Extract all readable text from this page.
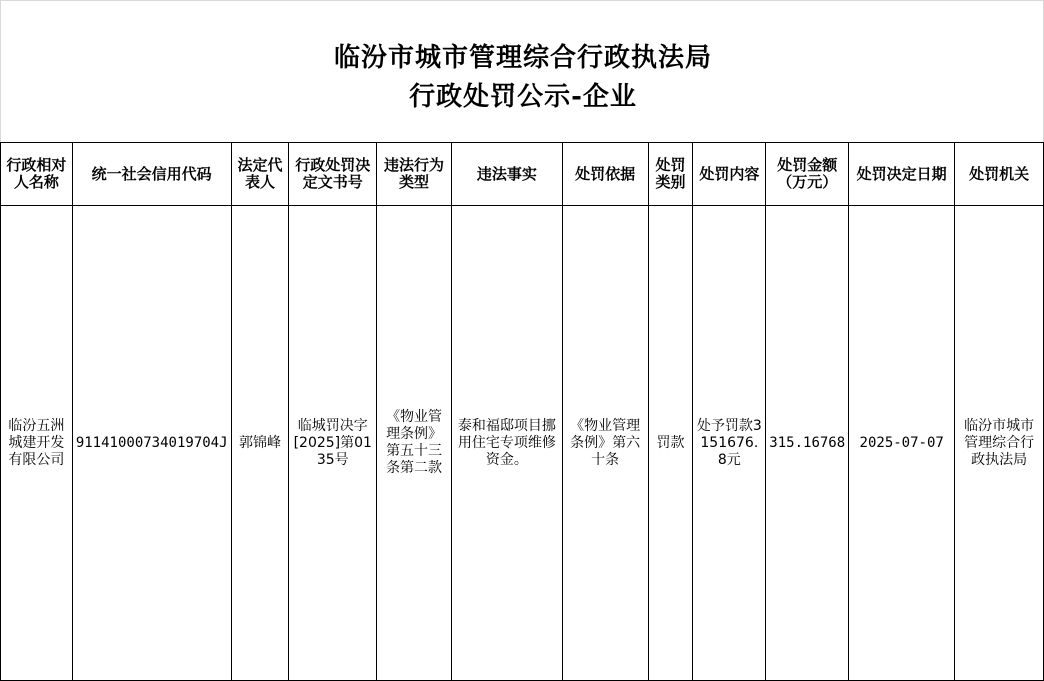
临汾市城市管理综合行政执法局
行政处罚公示-企业
行政相对人名称	统一社会信用代码	法定代表人	行政处罚决定文书号	违法行为类型	违法事实	处罚依据	处罚类别	处罚内容	处罚金额（万元）	处罚决定日期	处罚机关
临汾五洲城建开发有限公司	91141000734019704J	郭锦峰	临城罚决字[2025]第0135号	《物业管理条例》第五十三条第二款	泰和福邸项目挪用住宅专项维修资金。	《物业管理条例》第六十条	罚款	处予罚款3151676.8元	315.16768	2025-07-07	临汾市城市管理综合行政执法局
